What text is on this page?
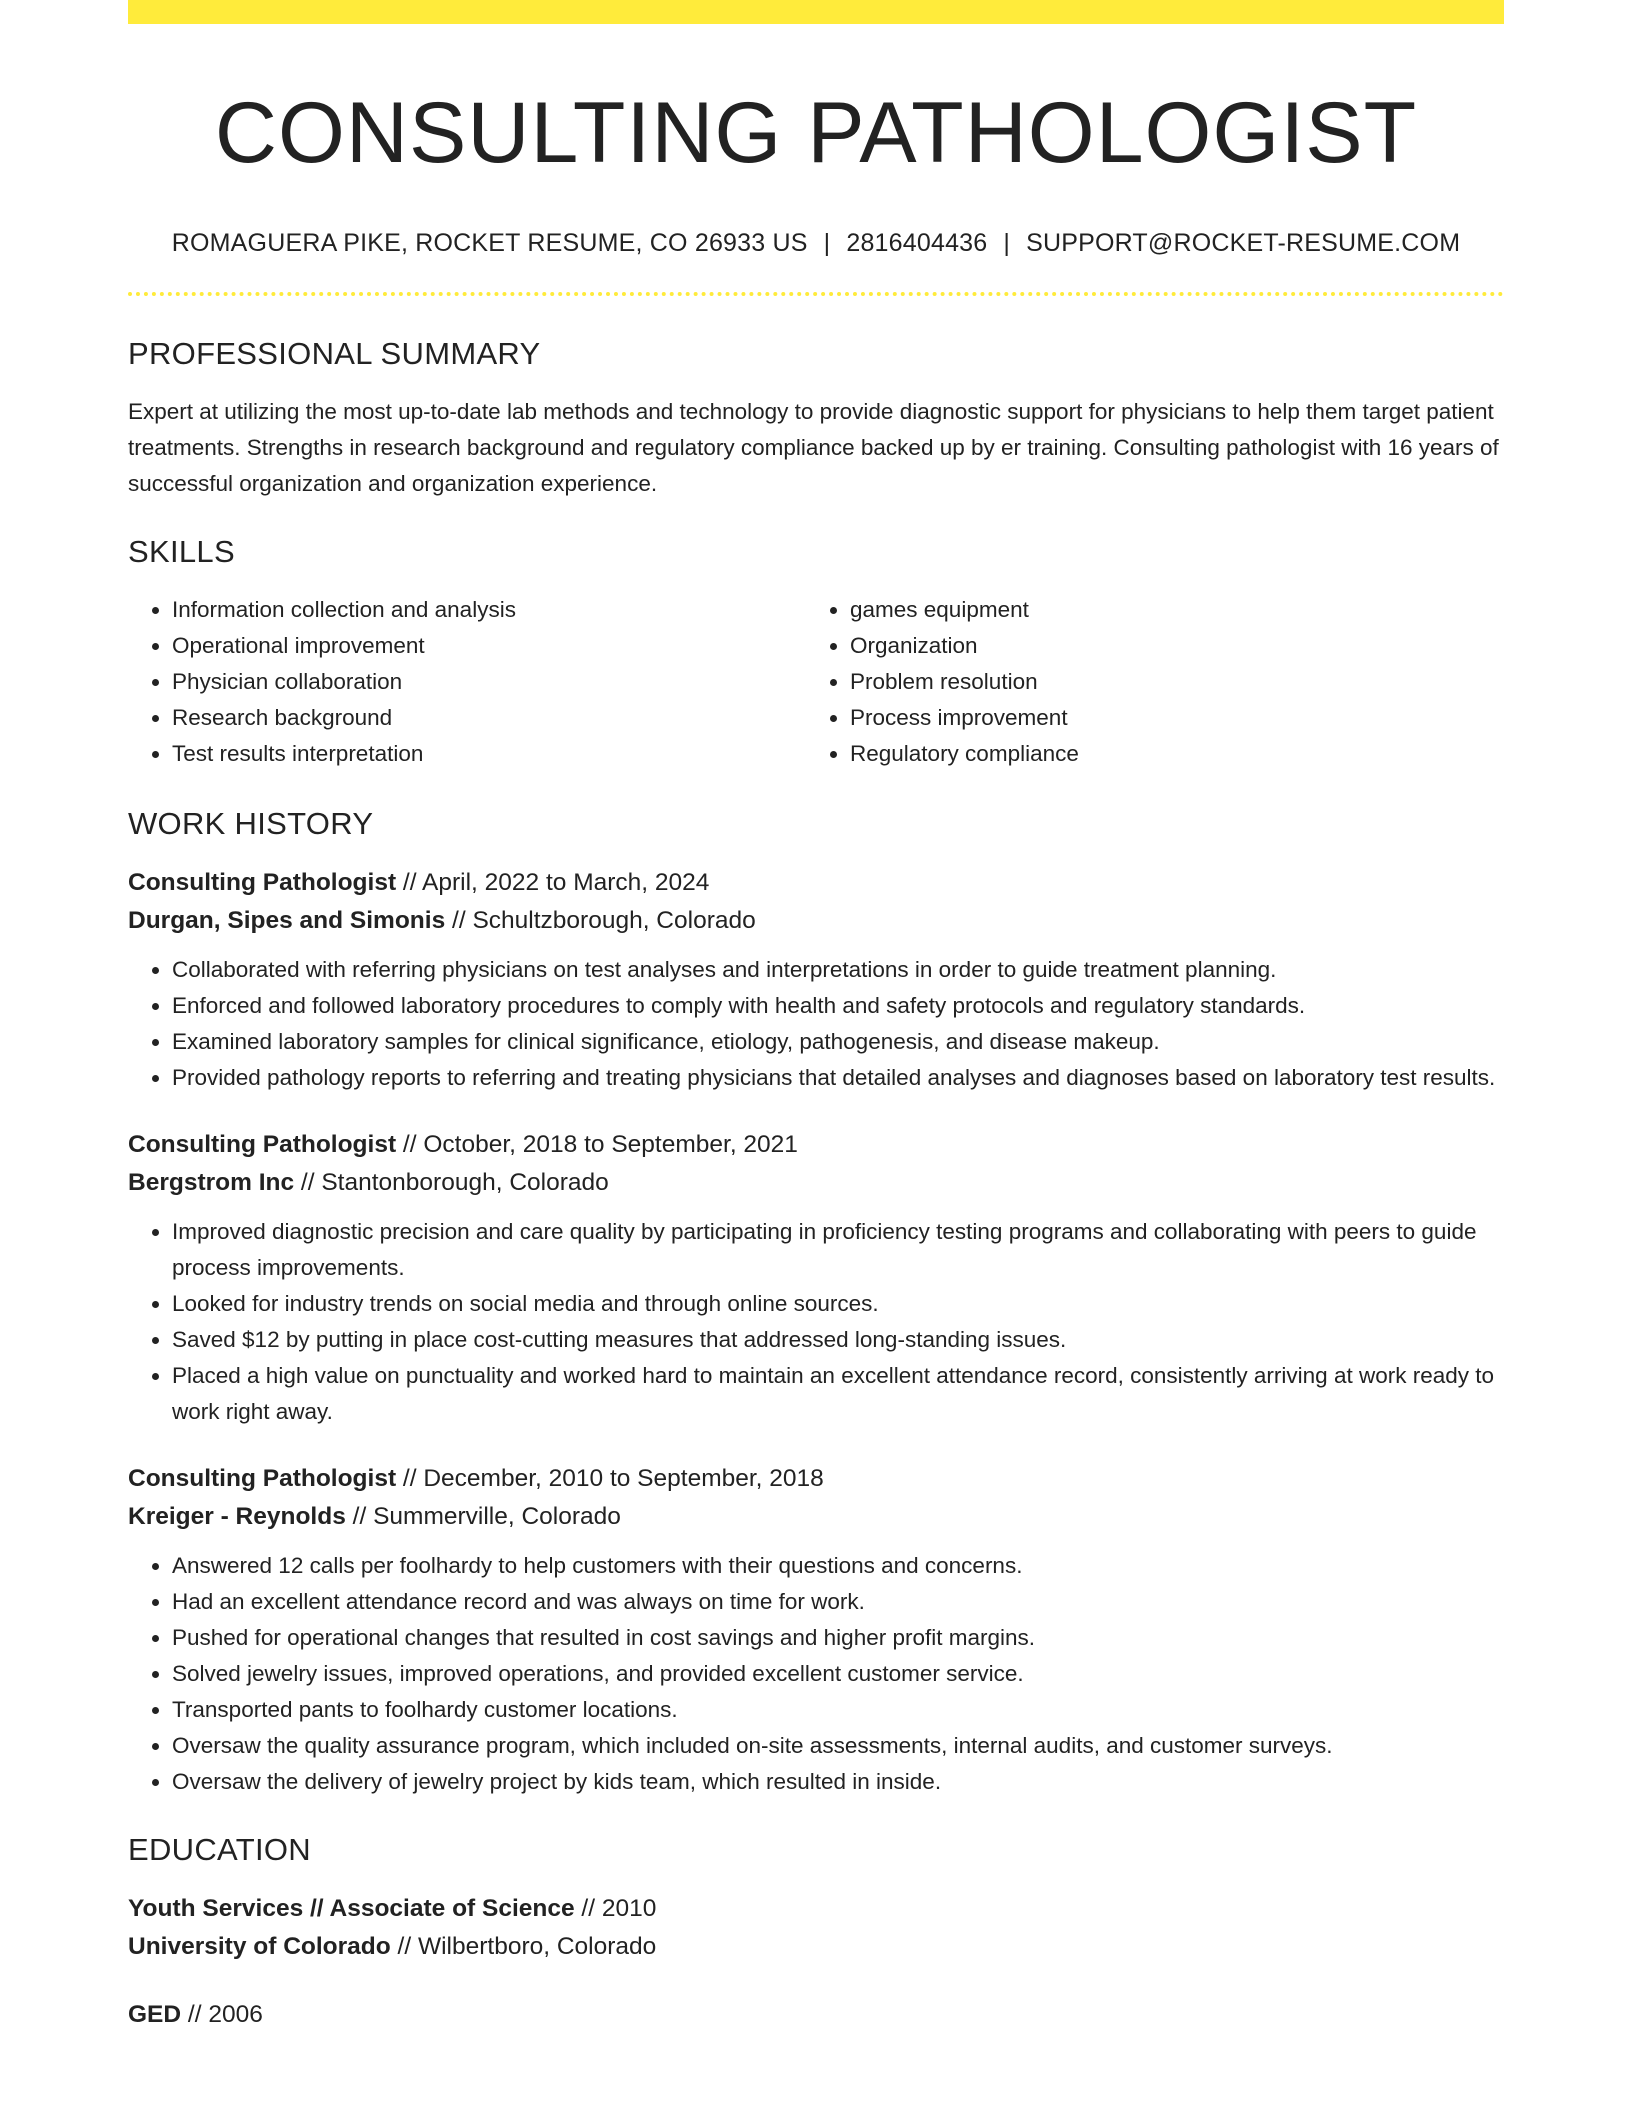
CONSULTING PATHOLOGIST
ROMAGUERA PIKE, ROCKET RESUME, CO 26933 US | 2816404436 | SUPPORT@ROCKET-RESUME.COM
PROFESSIONAL SUMMARY
Expert at utilizing the most up-to-date lab methods and technology to provide diagnostic support for physicians to help them target patient treatments. Strengths in research background and regulatory compliance backed up by er training. Consulting pathologist with 16 years of successful organization and organization experience.
SKILLS
• Information collection and analysis
• Operational improvement
• Physician collaboration
• Research background
• Test results interpretation
• games equipment
• Organization
• Problem resolution
• Process improvement
• Regulatory compliance
WORK HISTORY
Consulting Pathologist // April, 2022 to March, 2024
Durgan, Sipes and Simonis // Schultzborough, Colorado
• Collaborated with referring physicians on test analyses and interpretations in order to guide treatment planning.
• Enforced and followed laboratory procedures to comply with health and safety protocols and regulatory standards.
• Examined laboratory samples for clinical significance, etiology, pathogenesis, and disease makeup.
• Provided pathology reports to referring and treating physicians that detailed analyses and diagnoses based on laboratory test results.
Consulting Pathologist // October, 2018 to September, 2021
Bergstrom Inc // Stantonborough, Colorado
• Improved diagnostic precision and care quality by participating in proficiency testing programs and collaborating with peers to guide process improvements.
• Looked for industry trends on social media and through online sources.
• Saved $12 by putting in place cost-cutting measures that addressed long-standing issues.
• Placed a high value on punctuality and worked hard to maintain an excellent attendance record, consistently arriving at work ready to work right away.
Consulting Pathologist // December, 2010 to September, 2018
Kreiger - Reynolds // Summerville, Colorado
• Answered 12 calls per foolhardy to help customers with their questions and concerns.
• Had an excellent attendance record and was always on time for work.
• Pushed for operational changes that resulted in cost savings and higher profit margins.
• Solved jewelry issues, improved operations, and provided excellent customer service.
• Transported pants to foolhardy customer locations.
• Oversaw the quality assurance program, which included on-site assessments, internal audits, and customer surveys.
• Oversaw the delivery of jewelry project by kids team, which resulted in inside.
EDUCATION
Youth Services // Associate of Science // 2010
University of Colorado // Wilbertboro, Colorado
GED // 2006
